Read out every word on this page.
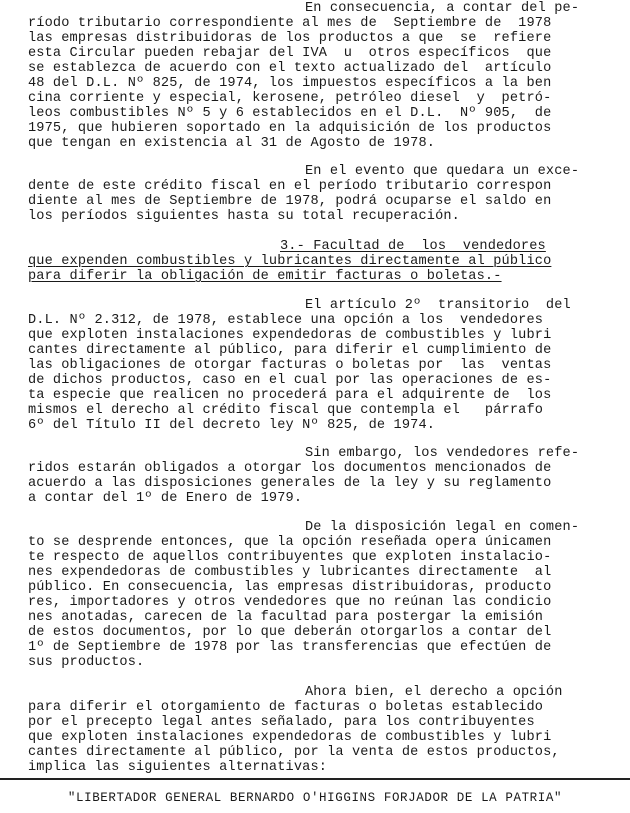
En consecuencia, a contar del pe-
ríodo tributario correspondiente al mes de  Septiembre de  1978
las empresas distribuidoras de los productos a que  se  refiere
esta Circular pueden rebajar del IVA  u  otros específicos  que
se establezca de acuerdo con el texto actualizado del  artículo
48 del D.L. Nº 825, de 1974, los impuestos específicos a la ben
cina corriente y especial, kerosene, petróleo diesel  y  petró-
leos combustibles Nº 5 y 6 establecidos en el D.L.  Nº 905,  de
1975, que hubieren soportado en la adquisición de los productos
que tengan en existencia al 31 de Agosto de 1978.
En el evento que quedara un exce-
dente de este crédito fiscal en el período tributario correspon
diente al mes de Septiembre de 1978, podrá ocuparse el saldo en
los períodos siguientes hasta su total recuperación.
3.- Facultad de  los  vendedores
que expenden combustibles y lubricantes directamente al público
para diferir la obligación de emitir facturas o boletas.-
El artículo 2º  transitorio  del
D.L. Nº 2.312, de 1978, establece una opción a los  vendedores
que exploten instalaciones expendedoras de combustibles y lubri
cantes directamente al público, para diferir el cumplimiento de
las obligaciones de otorgar facturas o boletas por  las  ventas
de dichos productos, caso en el cual por las operaciones de es-
ta especie que realicen no procederá para el adquirente de  los
mismos el derecho al crédito fiscal que contempla el   párrafo
6º del Título II del decreto ley Nº 825, de 1974.
Sin embargo, los vendedores refe-
ridos estarán obligados a otorgar los documentos mencionados de
acuerdo a las disposiciones generales de la ley y su reglamento
a contar del 1º de Enero de 1979.
De la disposición legal en comen-
to se desprende entonces, que la opción reseñada opera únicamen
te respecto de aquellos contribuyentes que exploten instalacio-
nes expendedoras de combustibles y lubricantes directamente  al
público. En consecuencia, las empresas distribuidoras, producto
res, importadores y otros vendedores que no reúnan las condicio
nes anotadas, carecen de la facultad para postergar la emisión
de estos documentos, por lo que deberán otorgarlos a contar del
1º de Septiembre de 1978 por las transferencias que efectúen de
sus productos.
Ahora bien, el derecho a opción
para diferir el otorgamiento de facturas o boletas establecido
por el precepto legal antes señalado, para los contribuyentes
que exploten instalaciones expendedoras de combustibles y lubri
cantes directamente al público, por la venta de estos productos,
implica las siguientes alternativas:
"LIBERTADOR GENERAL BERNARDO O'HIGGINS FORJADOR DE LA PATRIA"
